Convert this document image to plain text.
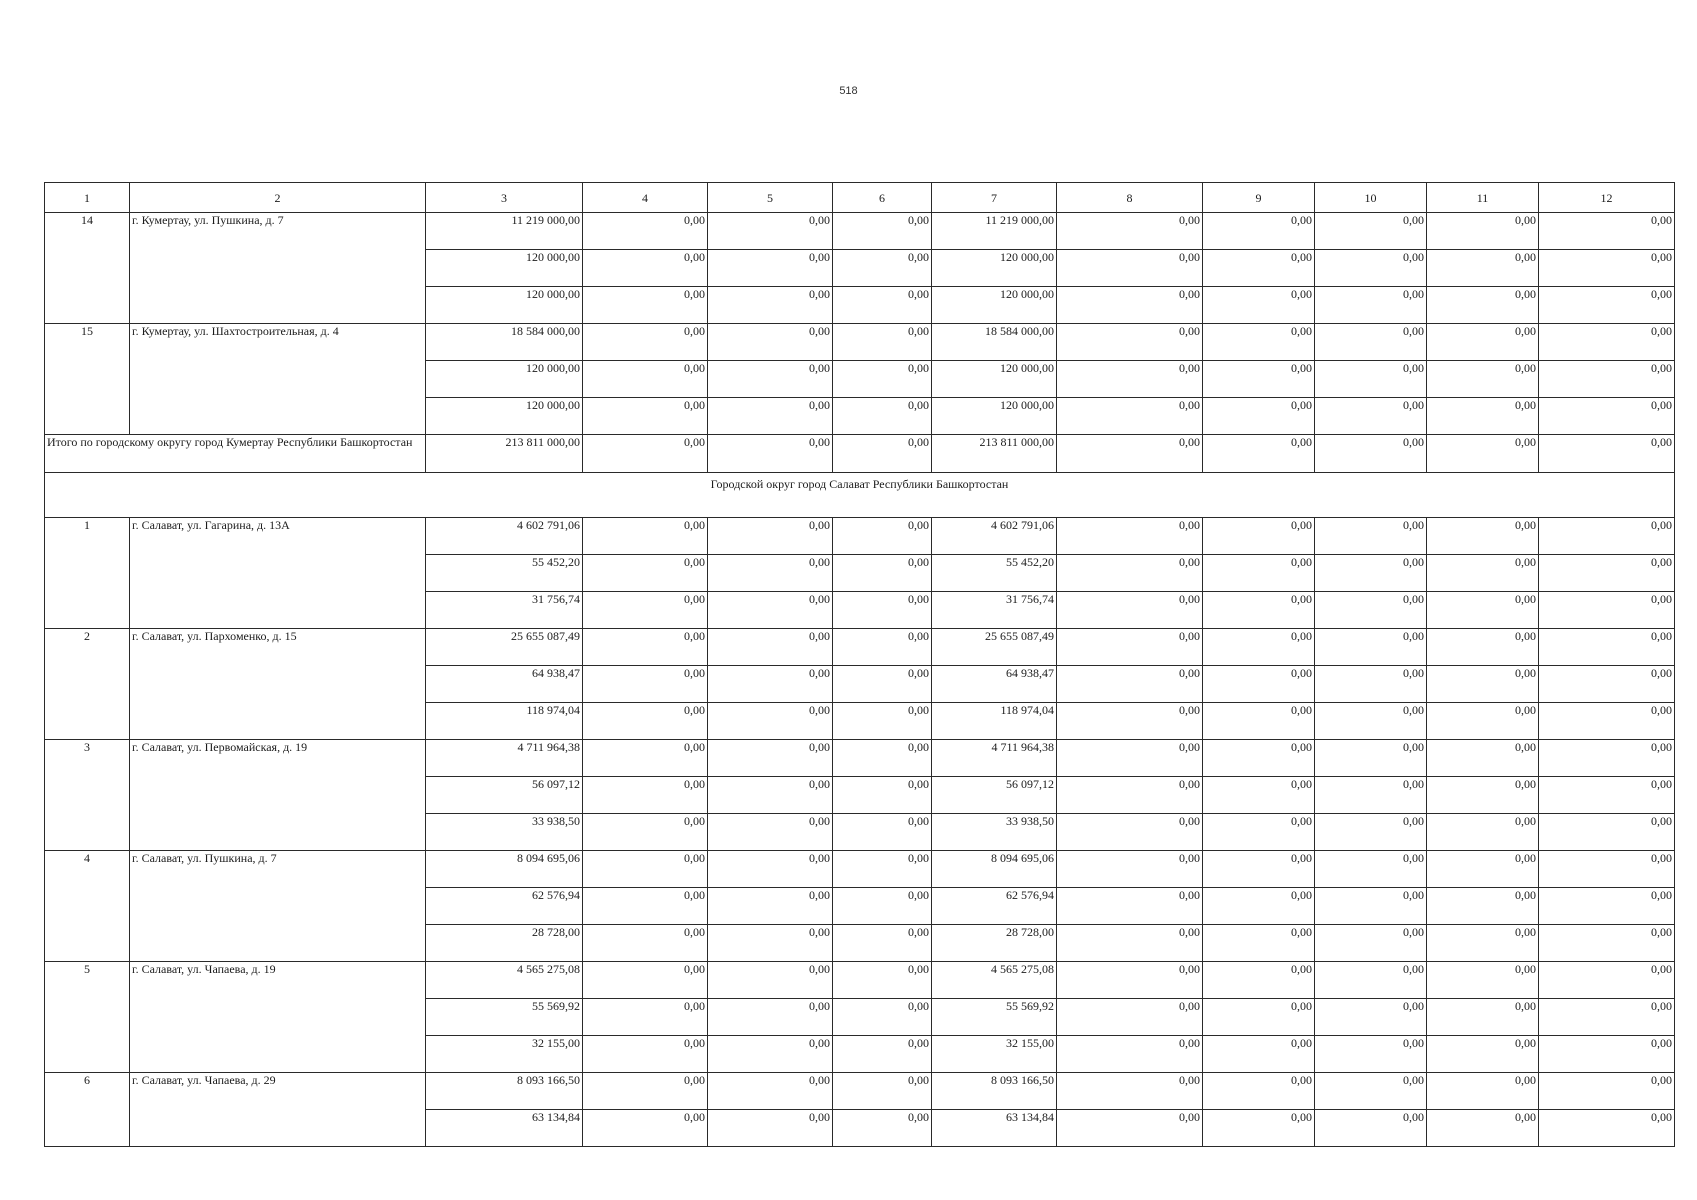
518
1	2	3	4	5	6	7	8	9	10	11	12
14	г. Кумертау, ул. Пушкина, д. 7	11 219 000,00	0,00	0,00	0,00	11 219 000,00	0,00	0,00	0,00	0,00	0,00
		120 000,00	0,00	0,00	0,00	120 000,00	0,00	0,00	0,00	0,00	0,00
		120 000,00	0,00	0,00	0,00	120 000,00	0,00	0,00	0,00	0,00	0,00
15	г. Кумертау, ул. Шахтостроительная, д. 4	18 584 000,00	0,00	0,00	0,00	18 584 000,00	0,00	0,00	0,00	0,00	0,00
		120 000,00	0,00	0,00	0,00	120 000,00	0,00	0,00	0,00	0,00	0,00
		120 000,00	0,00	0,00	0,00	120 000,00	0,00	0,00	0,00	0,00	0,00
Итого по городскому округу город Кумертау Республики Башкортостан		213 811 000,00	0,00	0,00	0,00	213 811 000,00	0,00	0,00	0,00	0,00	0,00
Городской округ город Салават Республики Башкортостан											
1	г. Салават, ул. Гагарина, д. 13А	4 602 791,06	0,00	0,00	0,00	4 602 791,06	0,00	0,00	0,00	0,00	0,00
		55 452,20	0,00	0,00	0,00	55 452,20	0,00	0,00	0,00	0,00	0,00
		31 756,74	0,00	0,00	0,00	31 756,74	0,00	0,00	0,00	0,00	0,00
2	г. Салават, ул. Пархоменко, д. 15	25 655 087,49	0,00	0,00	0,00	25 655 087,49	0,00	0,00	0,00	0,00	0,00
		64 938,47	0,00	0,00	0,00	64 938,47	0,00	0,00	0,00	0,00	0,00
		118 974,04	0,00	0,00	0,00	118 974,04	0,00	0,00	0,00	0,00	0,00
3	г. Салават, ул. Первомайская, д. 19	4 711 964,38	0,00	0,00	0,00	4 711 964,38	0,00	0,00	0,00	0,00	0,00
		56 097,12	0,00	0,00	0,00	56 097,12	0,00	0,00	0,00	0,00	0,00
		33 938,50	0,00	0,00	0,00	33 938,50	0,00	0,00	0,00	0,00	0,00
4	г. Салават, ул. Пушкина, д. 7	8 094 695,06	0,00	0,00	0,00	8 094 695,06	0,00	0,00	0,00	0,00	0,00
		62 576,94	0,00	0,00	0,00	62 576,94	0,00	0,00	0,00	0,00	0,00
		28 728,00	0,00	0,00	0,00	28 728,00	0,00	0,00	0,00	0,00	0,00
5	г. Салават, ул. Чапаева, д. 19	4 565 275,08	0,00	0,00	0,00	4 565 275,08	0,00	0,00	0,00	0,00	0,00
		55 569,92	0,00	0,00	0,00	55 569,92	0,00	0,00	0,00	0,00	0,00
		32 155,00	0,00	0,00	0,00	32 155,00	0,00	0,00	0,00	0,00	0,00
6	г. Салават, ул. Чапаева, д. 29	8 093 166,50	0,00	0,00	0,00	8 093 166,50	0,00	0,00	0,00	0,00	0,00
		63 134,84	0,00	0,00	0,00	63 134,84	0,00	0,00	0,00	0,00	0,00
